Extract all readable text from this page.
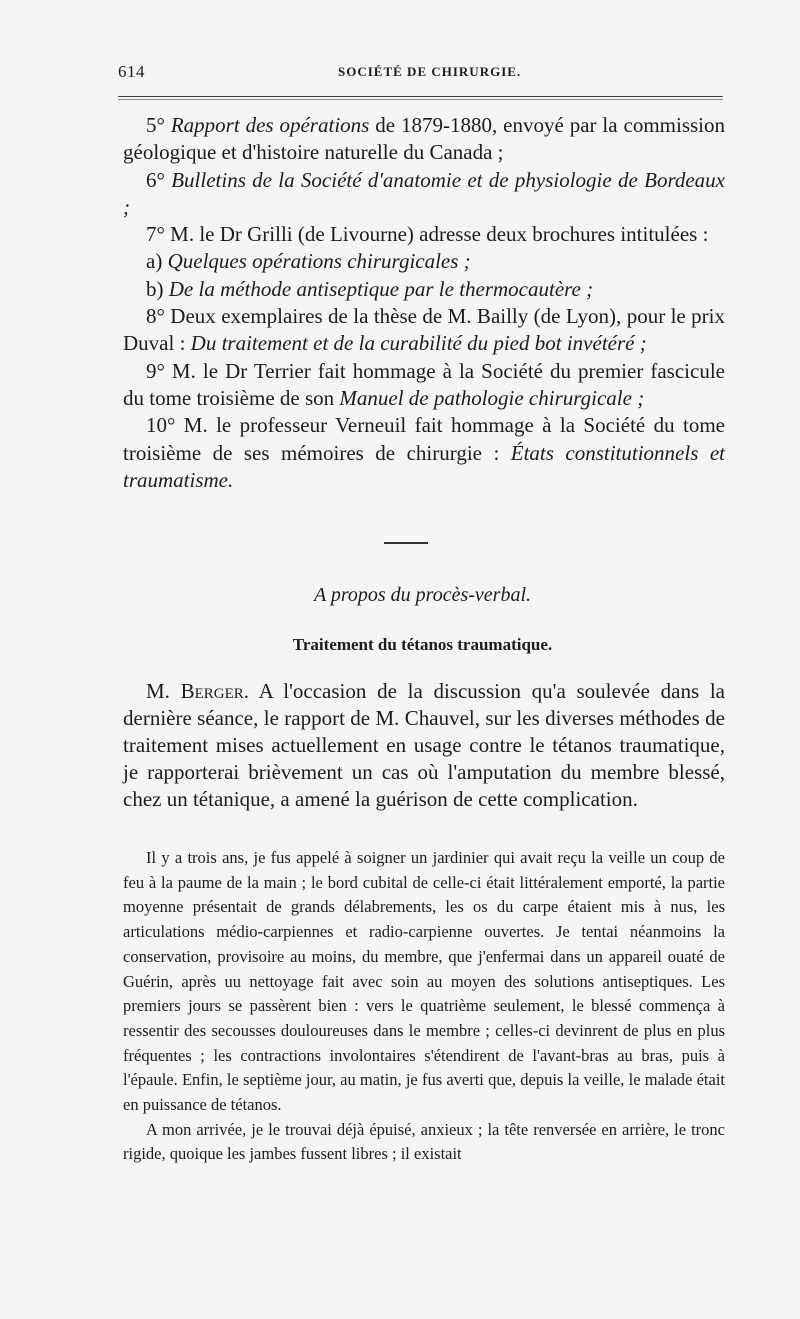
614	SOCIÉTÉ DE CHIRURGIE.

5° Rapport des opérations de 1879-1880, envoyé par la commission géologique et d'histoire naturelle du Canada ;

6° Bulletins de la Société d'anatomie et de physiologie de Bordeaux ;

7° M. le Dr Grilli (de Livourne) adresse deux brochures intitulées :

a) Quelques opérations chirurgicales ;

b) De la méthode antiseptique par le thermocautère ;

8° Deux exemplaires de la thèse de M. Bailly (de Lyon), pour le prix Duval : Du traitement et de la curabilité du pied bot invétéré ;

9° M. le Dr Terrier fait hommage à la Société du premier fascicule du tome troisième de son Manuel de pathologie chirurgicale ;

10° M. le professeur Verneuil fait hommage à la Société du tome troisième de ses mémoires de chirurgie : États constitutionnels et traumatisme.

A propos du procès-verbal.
Traitement du tétanos traumatique.

M. Berger. A l'occasion de la discussion qu'a soulevée dans la dernière séance, le rapport de M. Chauvel, sur les diverses méthodes de traitement mises actuellement en usage contre le tétanos traumatique, je rapporterai brièvement un cas où l'amputation du membre blessé, chez un tétanique, a amené la guérison de cette complication.

Il y a trois ans, je fus appelé à soigner un jardinier qui avait reçu la veille un coup de feu à la paume de la main ; le bord cubital de celle-ci était littéralement emporté, la partie moyenne présentait de grands délabrements, les os du carpe étaient mis à nus, les articulations médio-carpiennes et radio-carpienne ouvertes. Je tentai néanmoins la conservation, provisoire au moins, du membre, que j'enfermai dans un appareil ouaté de Guérin, après uu nettoyage fait avec soin au moyen des solutions antiseptiques. Les premiers jours se passèrent bien : vers le quatrième seulement, le blessé commença à ressentir des secousses douloureuses dans le membre ; celles-ci devinrent de plus en plus fréquentes ; les contractions involontaires s'étendirent de l'avant-bras au bras, puis à l'épaule. Enfin, le septième jour, au matin, je fus averti que, depuis la veille, le malade était en puissance de tétanos.

A mon arrivée, je le trouvai déjà épuisé, anxieux ; la tête renversée en arrière, le tronc rigide, quoique les jambes fussent libres ; il existait
